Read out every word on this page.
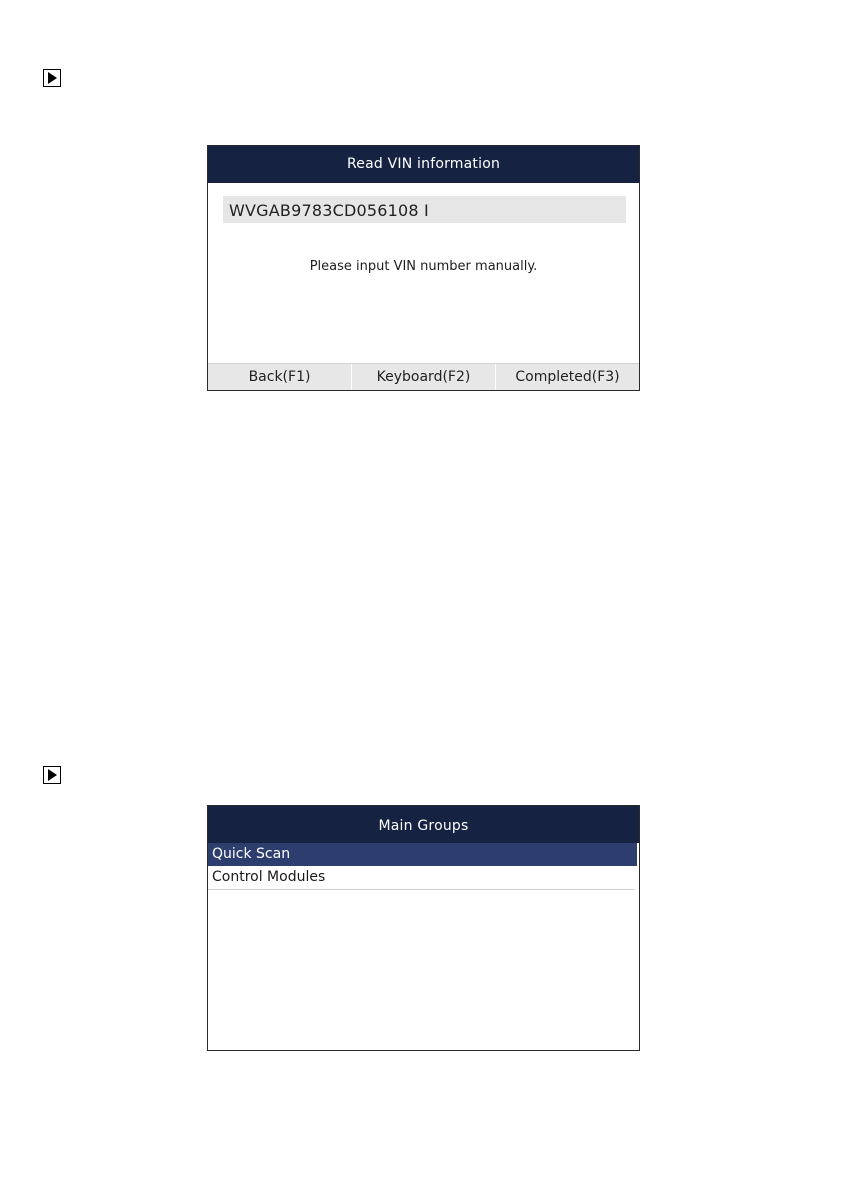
Read VIN information
WVGAB9783CD056108 I
Please input VIN number manually.
Back(F1)	Keyboard(F2)	Completed(F3)
Main Groups
Quick Scan
Control Modules
